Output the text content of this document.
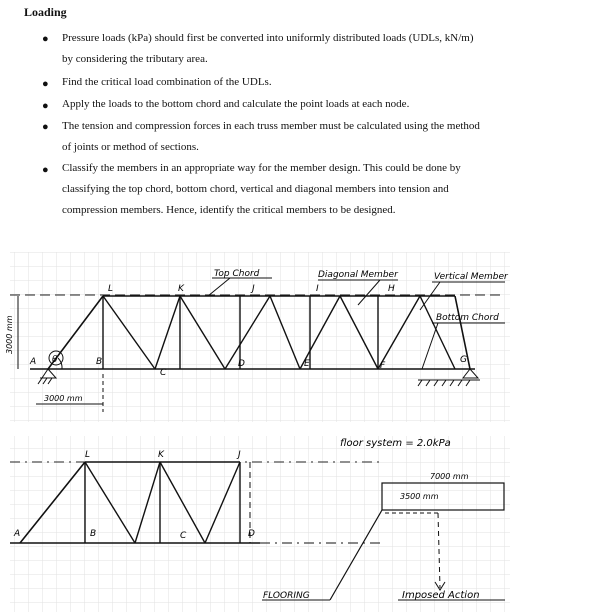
Loading
● Pressure loads (kPa) should first be converted into uniformly distributed loads (UDLs, kN/m) by considering the tributary area.
● Find the critical load combination of the UDLs.
● Apply the loads to the bottom chord and calculate the point loads at each node.
● The tension and compression forces in each truss member must be calculated using the method of joints or method of sections.
● Classify the members in an appropriate way for the member design. This could be done by classifying the top chord, bottom chord, vertical and diagonal members into tension and compression members. Hence, identify the critical members to be designed.
θ
3000 mm
3000 mm
A	B
C
D	E	F
G
L	K	J	I	H
Top Chord	Diagonal Member	Vertical Member
Bottom Chord
A	B	C	D
L	K	J
floor system = 2.0kPa
7000 mm
3500 mm
FLOORING	Imposed Action
